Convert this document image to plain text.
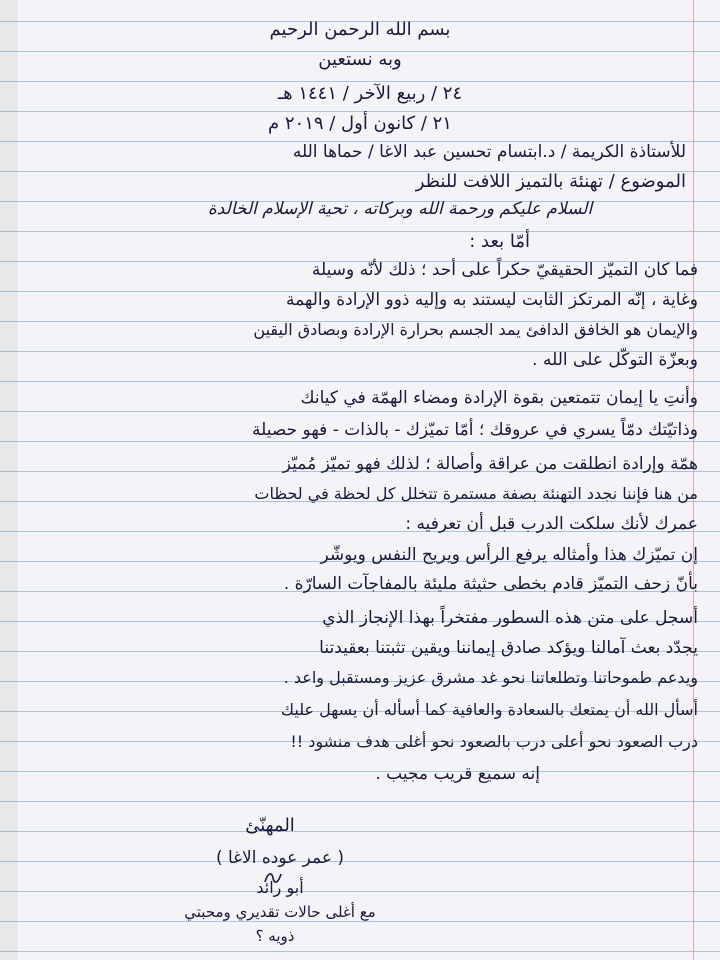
بسم الله الرحمن الرحيم
وبه نستعين
٢٤ / ربيع الآخر / ١٤٤١ هـ
٢١ / كانون أول / ٢٠١٩ م
للأستاذة الكريمة / د.ابتسام تحسين عبد الاغا / حماها الله
الموضوع / تهنئة بالتميز اللافت للنظر
السلام عليكم ورحمة الله وبركاته ، تحية الإسلام الخالدة
أمّا بعد :
فما كان التميّز الحقيقيّ حكراً على أحد ؛ ذلك لأنّه وسيلة
وغاية ، إنّه المرتكز الثابت ليستند به وإليه ذوو الإرادة والهمة
والإيمان هو الخافق الدافئ يمد الجسم بحرارة الإرادة وبصادق اليقين
وبعزّة التوكّل على الله .
وأنتِ يا إيمان تتمتعين بقوة الإرادة ومضاء الهمّة في كيانك
وذاتيّتك دمّاً يسري في عروقك ؛ أمّا تميّزك - بالذات - فهو حصيلة
همّة وإرادة انطلقت من عراقة وأصالة ؛ لذلك فهو تميّز مُميّز
من هنا فإننا نجدد التهنئة بصفة مستمرة تتخلل كل لحظة في لحظات
عمرك لأنك سلكت الدرب قبل أن تعرفيه :
إن تميّزك هذا وأمثاله يرفع الرأس ويريح النفس ويوشّر
بأنّ زحف التميّز قادم بخطى حثيثة مليئة بالمفاجآت السارّة .
أسجل على متن هذه السطور مفتخراً بهذا الإنجاز الذي
يجدّد بعث آمالنا ويؤكد صادق إيماننا ويقين تثبتنا بعقيدتنا
ويدعم طموحاتنا وتطلعاتنا نحو غد مشرق عزيز ومستقبل واعد .
أسأل الله أن يمتعك بالسعادة والعافية كما أسأله أن يسهل عليك
درب الصعود نحو أعلى درب بالصعود نحو أغلى هدف منشود !!
إنه سميع قريب مجيب .
المهنّئ
( عمر عوده الاغا )
أبو رائد
مع أغلى حالات تقديري ومحبتي
ذويه ؟
